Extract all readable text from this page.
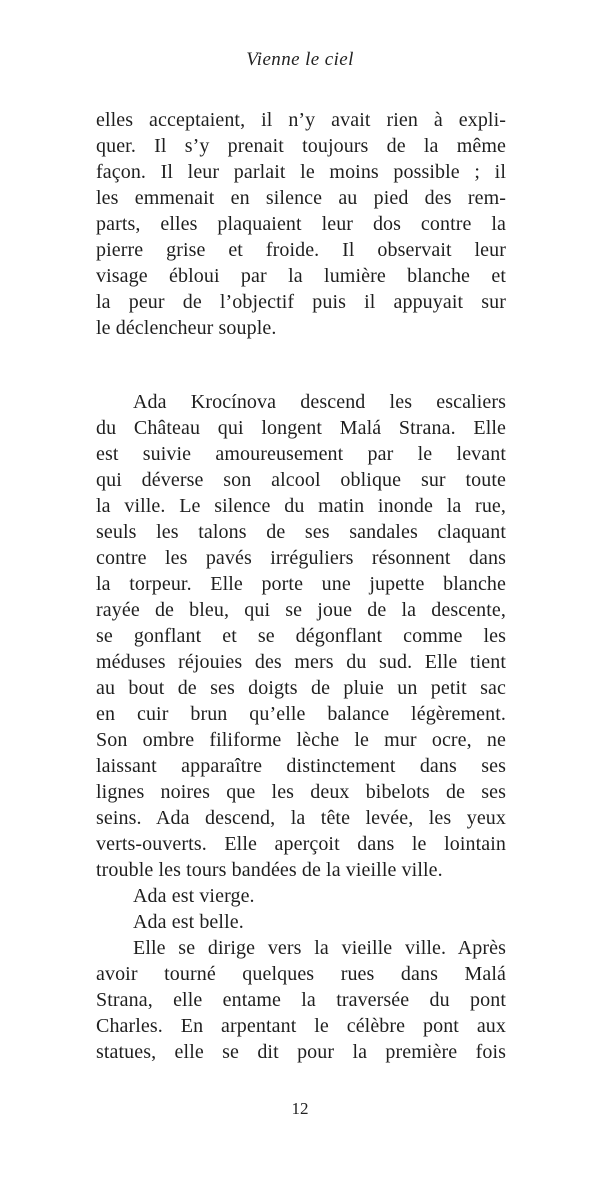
Vienne le ciel
elles acceptaient, il n’y avait rien à expli-
quer. Il s’y prenait toujours de la même
façon. Il leur parlait le moins possible ; il
les emmenait en silence au pied des rem-
parts, elles plaquaient leur dos contre la
pierre grise et froide. Il observait leur
visage ébloui par la lumière blanche et
la peur de l’objectif puis il appuyait sur
le déclencheur souple.
Ada Krocínova descend les escaliers
du Château qui longent Malá Strana. Elle
est suivie amoureusement par le levant
qui déverse son alcool oblique sur toute
la ville. Le silence du matin inonde la rue,
seuls les talons de ses sandales claquant
contre les pavés irréguliers résonnent dans
la torpeur. Elle porte une jupette blanche
rayée de bleu, qui se joue de la descente,
se gonflant et se dégonflant comme les
méduses réjouies des mers du sud. Elle tient
au bout de ses doigts de pluie un petit sac
en cuir brun qu’elle balance légèrement.
Son ombre filiforme lèche le mur ocre, ne
laissant apparaître distinctement dans ses
lignes noires que les deux bibelots de ses
seins. Ada descend, la tête levée, les yeux
verts-ouverts. Elle aperçoit dans le lointain
trouble les tours bandées de la vieille ville.
Ada est vierge.
Ada est belle.
Elle se dirige vers la vieille ville. Après
avoir tourné quelques rues dans Malá
Strana, elle entame la traversée du pont
Charles. En arpentant le célèbre pont aux
statues, elle se dit pour la première fois
12
